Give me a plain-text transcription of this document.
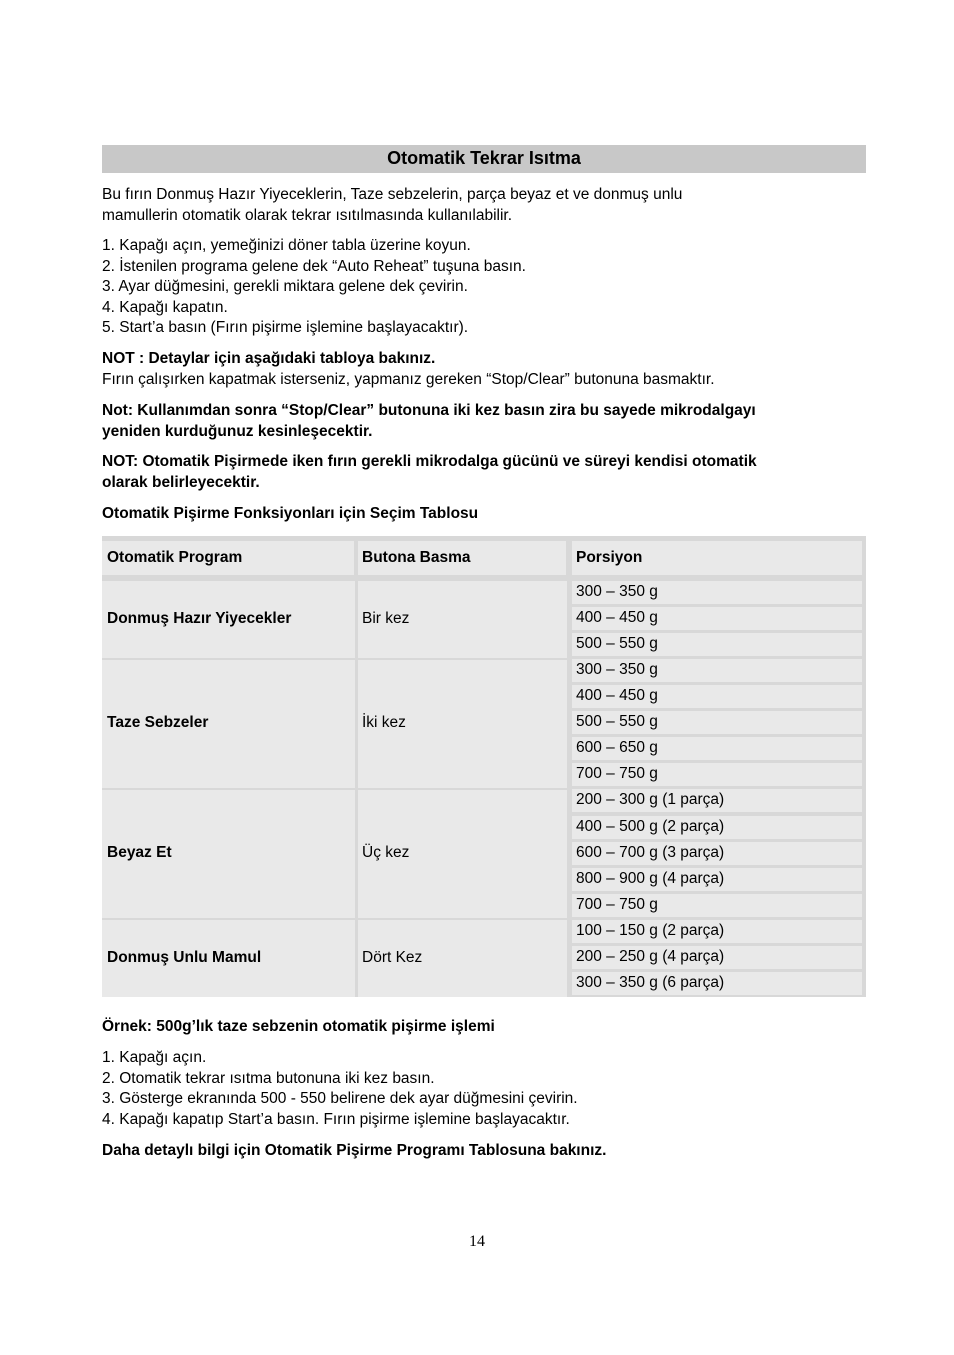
Otomatik Tekrar Isıtma
Bu fırın Donmuş Hazır Yiyeceklerin, Taze sebzelerin, parça beyaz et ve donmuş unlu
mamullerin otomatik olarak tekrar ısıtılmasında kullanılabilir.
1. Kapağı açın, yemeğinizi döner tabla üzerine koyun.
2. İstenilen programa gelene dek “Auto Reheat” tuşuna basın.
3. Ayar düğmesini, gerekli miktara gelene dek çevirin.
4. Kapağı kapatın.
5. Start’a basın (Fırın pişirme işlemine başlayacaktır).
NOT : Detaylar için aşağıdaki tabloya bakınız.
Fırın çalışırken kapatmak isterseniz, yapmanız gereken “Stop/Clear” butonuna basmaktır.
Not: Kullanımdan sonra “Stop/Clear” butonuna iki kez basın zira bu sayede mikrodalgayı
yeniden kurduğunuz kesinleşecektir.
NOT: Otomatik Pişirmede iken fırın gerekli mikrodalga gücünü ve süreyi kendisi otomatik
olarak belirleyecektir.
Otomatik Pişirme Fonksiyonları için Seçim Tablosu
Otomatik Program	Butona Basma	Porsiyon
Donmuş Hazır Yiyecekler	Bir kez
300 – 350 g
400 – 450 g
500 – 550 g
Taze Sebzeler	İki kez
300 – 350 g
400 – 450 g
500 – 550 g
600 – 650 g
700 – 750 g
Beyaz Et	Üç kez
200 – 300 g (1 parça)
400 – 500 g (2 parça)
600 – 700 g (3 parça)
800 – 900 g (4 parça)
700 – 750 g
Donmuş Unlu Mamul	Dört Kez
100 – 150 g (2 parça)
200 – 250 g (4 parça)
300 – 350 g (6 parça)
Örnek: 500g’lık taze sebzenin otomatik pişirme işlemi
1. Kapağı açın.
2. Otomatik tekrar ısıtma butonuna iki kez basın.
3. Gösterge ekranında 500 - 550 belirene dek ayar düğmesini çevirin.
4. Kapağı kapatıp Start’a basın. Fırın pişirme işlemine başlayacaktır.
Daha detaylı bilgi için Otomatik Pişirme Programı Tablosuna bakınız.
14
